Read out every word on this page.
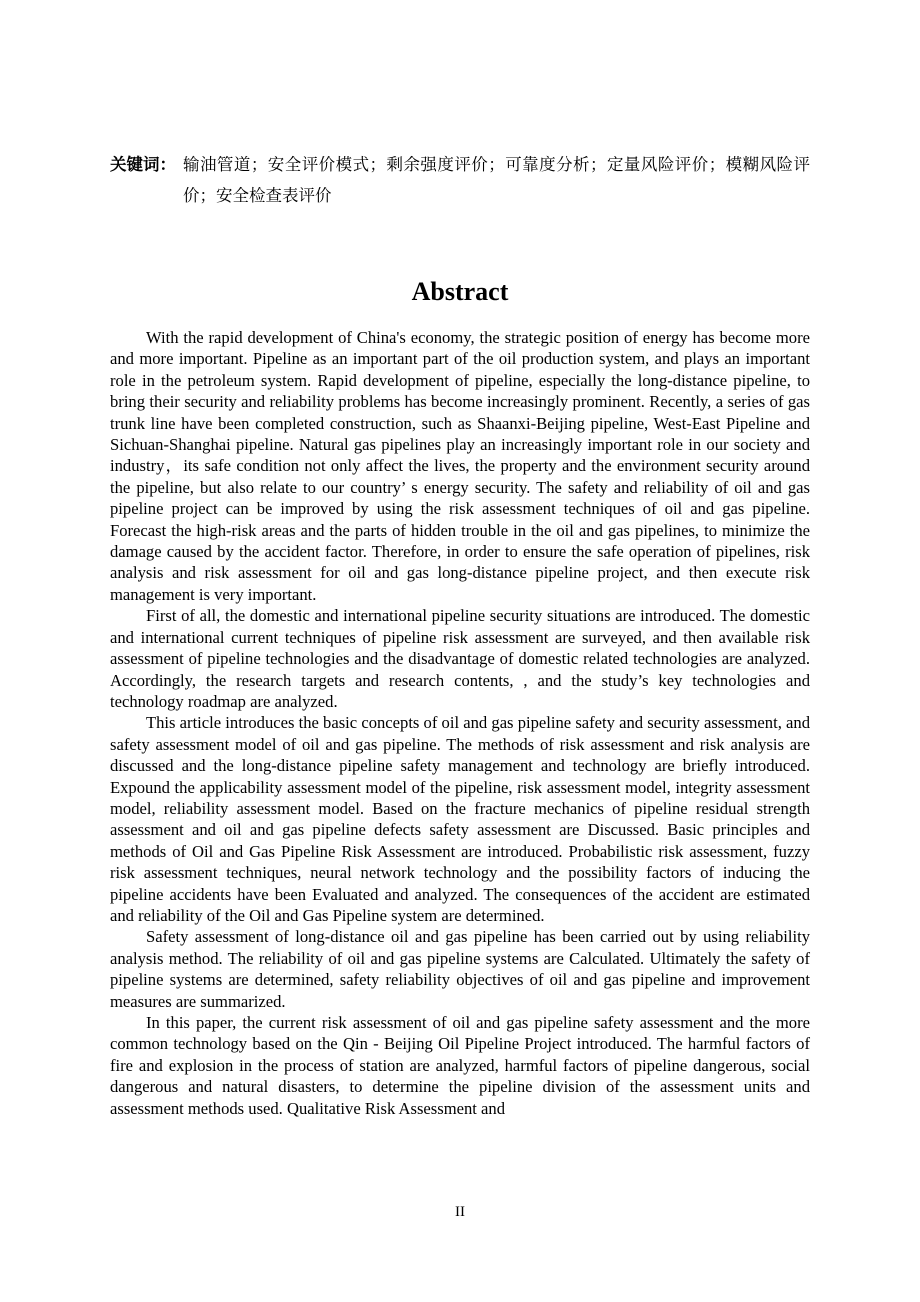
关键词： 输油管道；安全评价模式；剩余强度评价；可靠度分析；定量风险评价；模糊风险评价；安全检查表评价
Abstract

With the rapid development of China's economy, the strategic position of energy has become more and more important. Pipeline as an important part of the oil production system, and plays an important role in the petroleum system. Rapid development of pipeline, especially the long-distance pipeline, to bring their security and reliability problems has become increasingly prominent. Recently, a series of gas trunk line have been completed construction, such as Shaanxi-Beijing pipeline, West-East Pipeline and Sichuan-Shanghai pipeline. Natural gas pipelines play an increasingly important role in our society and industry，its safe condition not only affect the lives, the property and the environment security around the pipeline, but also relate to our country’ s energy security. The safety and reliability of oil and gas pipeline project can be improved by using the risk assessment techniques of oil and gas pipeline. Forecast the high-risk areas and the parts of hidden trouble in the oil and gas pipelines, to minimize the damage caused by the accident factor. Therefore, in order to ensure the safe operation of pipelines, risk analysis and risk assessment for oil and gas long-distance pipeline project, and then execute risk management is very important.

First of all, the domestic and international pipeline security situations are introduced. The domestic and international current techniques of pipeline risk assessment are surveyed, and then available risk assessment of pipeline technologies and the disadvantage of domestic related technologies are analyzed. Accordingly, the research targets and research contents, , and the study’s key technologies and technology roadmap are analyzed.

This article introduces the basic concepts of oil and gas pipeline safety and security assessment, and safety assessment model of oil and gas pipeline. The methods of risk assessment and risk analysis are discussed and the long-distance pipeline safety management and technology are briefly introduced. Expound the applicability assessment model of the pipeline, risk assessment model, integrity assessment model, reliability assessment model. Based on the fracture mechanics of pipeline residual strength assessment and oil and gas pipeline defects safety assessment are Discussed. Basic principles and methods of Oil and Gas Pipeline Risk Assessment are introduced. Probabilistic risk assessment, fuzzy risk assessment techniques, neural network technology and the possibility factors of inducing the pipeline accidents have been Evaluated and analyzed. The consequences of the accident are estimated and reliability of the Oil and Gas Pipeline system are determined.

Safety assessment of long-distance oil and gas pipeline has been carried out by using reliability analysis method. The reliability of oil and gas pipeline systems are Calculated. Ultimately the safety of pipeline systems are determined, safety reliability objectives of oil and gas pipeline and improvement measures are summarized.

In this paper, the current risk assessment of oil and gas pipeline safety assessment and the more common technology based on the Qin - Beijing Oil Pipeline Project introduced. The harmful factors of fire and explosion in the process of station are analyzed, harmful factors of pipeline dangerous, social dangerous and natural disasters, to determine the pipeline division of the assessment units and assessment methods used. Qualitative Risk Assessment and

II
